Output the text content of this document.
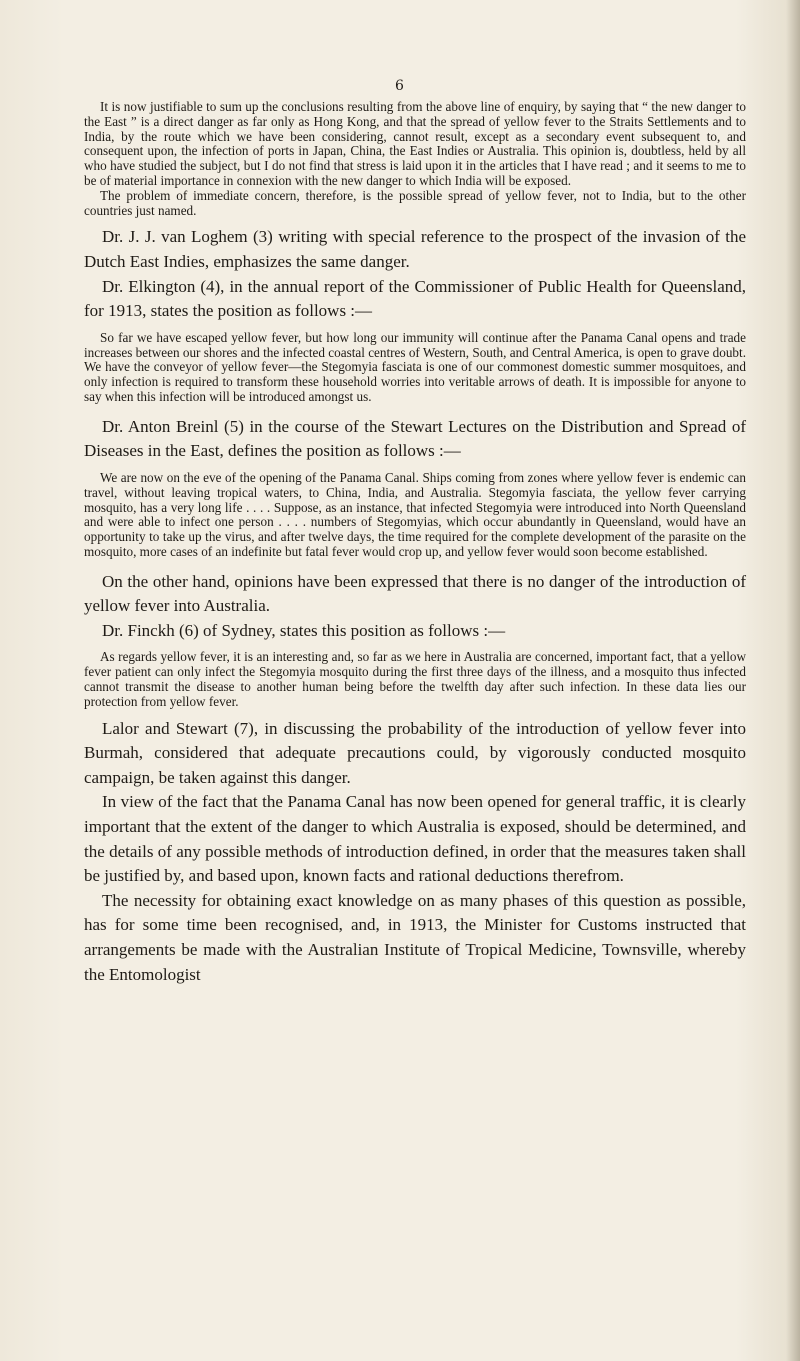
6

It is now justifiable to sum up the conclusions resulting from the above line of enquiry, by saying that “ the new danger to the East ” is a direct danger as far only as Hong Kong, and that the spread of yellow fever to the Straits Settlements and to India, by the route which we have been considering, cannot result, except as a secondary event subsequent to, and consequent upon, the infection of ports in Japan, China, the East Indies or Australia. This opinion is, doubtless, held by all who have studied the subject, but I do not find that stress is laid upon it in the articles that I have read ; and it seems to me to be of material importance in connexion with the new danger to which India will be exposed.

The problem of immediate concern, therefore, is the possible spread of yellow fever, not to India, but to the other countries just named.

Dr. J. J. van Loghem (3) writing with special reference to the prospect of the invasion of the Dutch East Indies, emphasizes the same danger.

Dr. Elkington (4), in the annual report of the Commissioner of Public Health for Queensland, for 1913, states the position as follows :—

So far we have escaped yellow fever, but how long our immunity will continue after the Panama Canal opens and trade increases between our shores and the infected coastal centres of Western, South, and Central America, is open to grave doubt. We have the conveyor of yellow fever—the Stegomyia fasciata is one of our commonest domestic summer mosquitoes, and only infection is required to transform these household worries into veritable arrows of death. It is impossible for anyone to say when this infection will be introduced amongst us.

Dr. Anton Breinl (5) in the course of the Stewart Lectures on the Distribution and Spread of Diseases in the East, defines the position as follows :—

We are now on the eve of the opening of the Panama Canal. Ships coming from zones where yellow fever is endemic can travel, without leaving tropical waters, to China, India, and Australia. Stegomyia fasciata, the yellow fever carrying mosquito, has a very long life . . . . Suppose, as an instance, that infected Stegomyia were introduced into North Queensland and were able to infect one person . . . . numbers of Stegomyias, which occur abundantly in Queensland, would have an opportunity to take up the virus, and after twelve days, the time required for the complete development of the parasite on the mosquito, more cases of an indefinite but fatal fever would crop up, and yellow fever would soon become established.

On the other hand, opinions have been expressed that there is no danger of the introduction of yellow fever into Australia.

Dr. Finckh (6) of Sydney, states this position as follows :—

As regards yellow fever, it is an interesting and, so far as we here in Australia are concerned, important fact, that a yellow fever patient can only infect the Stegomyia mosquito during the first three days of the illness, and a mosquito thus infected cannot transmit the disease to another human being before the twelfth day after such infection. In these data lies our protection from yellow fever.

Lalor and Stewart (7), in discussing the probability of the introduction of yellow fever into Burmah, considered that adequate precautions could, by vigorously conducted mosquito campaign, be taken against this danger.

In view of the fact that the Panama Canal has now been opened for general traffic, it is clearly important that the extent of the danger to which Australia is exposed, should be determined, and the details of any possible methods of introduction defined, in order that the measures taken shall be justified by, and based upon, known facts and rational deductions therefrom.

The necessity for obtaining exact knowledge on as many phases of this question as possible, has for some time been recognised, and, in 1913, the Minister for Customs instructed that arrangements be made with the Australian Institute of Tropical Medicine, Townsville, whereby the Entomologist
